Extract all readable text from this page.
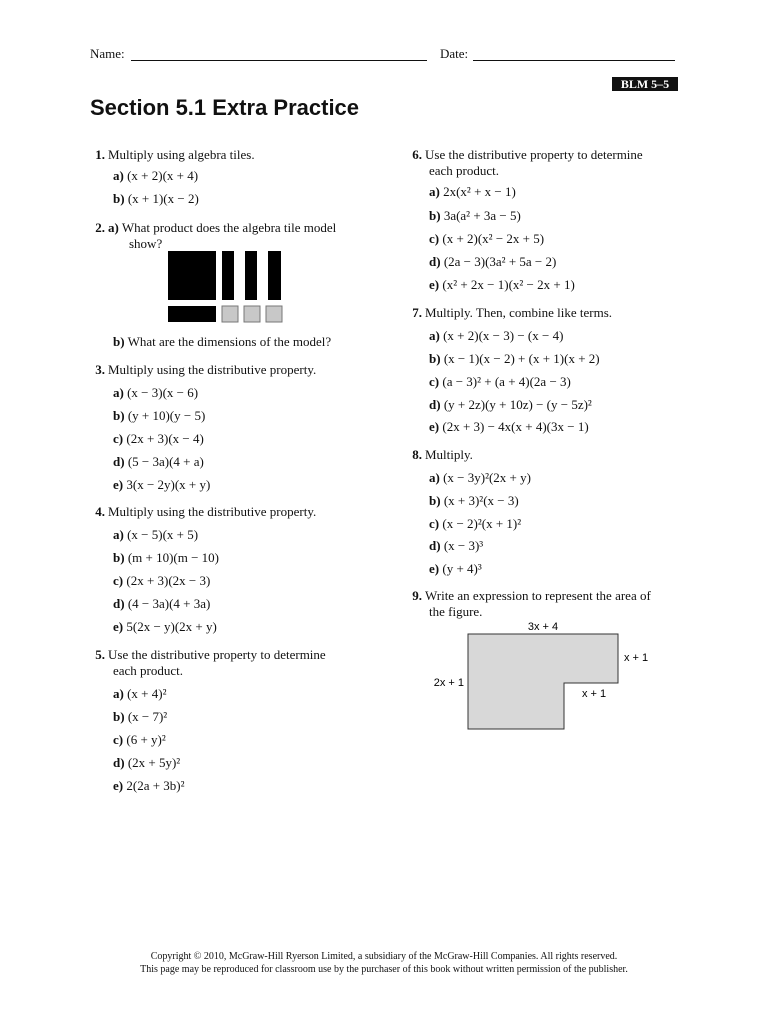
Name:	Date:
BLM 5–5
Section 5.1 Extra Practice
1. Multiply using algebra tiles.
a) (x + 2)(x + 4)
b) (x + 1)(x − 2)
2. a) What product does the algebra tile model
show?
b) What are the dimensions of the model?
3. Multiply using the distributive property.
a) (x − 3)(x − 6)
b) (y + 10)(y − 5)
c) (2x + 3)(x − 4)
d) (5 − 3a)(4 + a)
e) 3(x − 2y)(x + y)
4. Multiply using the distributive property.
a) (x − 5)(x + 5)
b) (m + 10)(m − 10)
c) (2x + 3)(2x − 3)
d) (4 − 3a)(4 + 3a)
e) 5(2x − y)(2x + y)
5. Use the distributive property to determine
each product.
a) (x + 4)²
b) (x − 7)²
c) (6 + y)²
d) (2x + 5y)²
e) 2(2a + 3b)²
6. Use the distributive property to determine
each product.
a) 2x(x² + x − 1)
b) 3a(a² + 3a − 5)
c) (x + 2)(x² − 2x + 5)
d) (2a − 3)(3a² + 5a − 2)
e) (x² + 2x − 1)(x² − 2x + 1)
7. Multiply. Then, combine like terms.
a) (x + 2)(x − 3) − (x − 4)
b) (x − 1)(x − 2) + (x + 1)(x + 2)
c) (a − 3)² + (a + 4)(2a − 3)
d) (y + 2z)(y + 10z) − (y − 5z)²
e) (2x + 3) − 4x(x + 4)(3x − 1)
8. Multiply.
a) (x − 3y)²(2x + y)
b) (x + 3)²(x − 3)
c) (x − 2)²(x + 1)²
d) (x − 3)³
e) (y + 4)³
9. Write an expression to represent the area of
the figure.
3x + 4
x + 1
2x + 1
x + 1
Copyright © 2010, McGraw-Hill Ryerson Limited, a subsidiary of the McGraw-Hill Companies. All rights reserved.
This page may be reproduced for classroom use by the purchaser of this book without written permission of the publisher.
